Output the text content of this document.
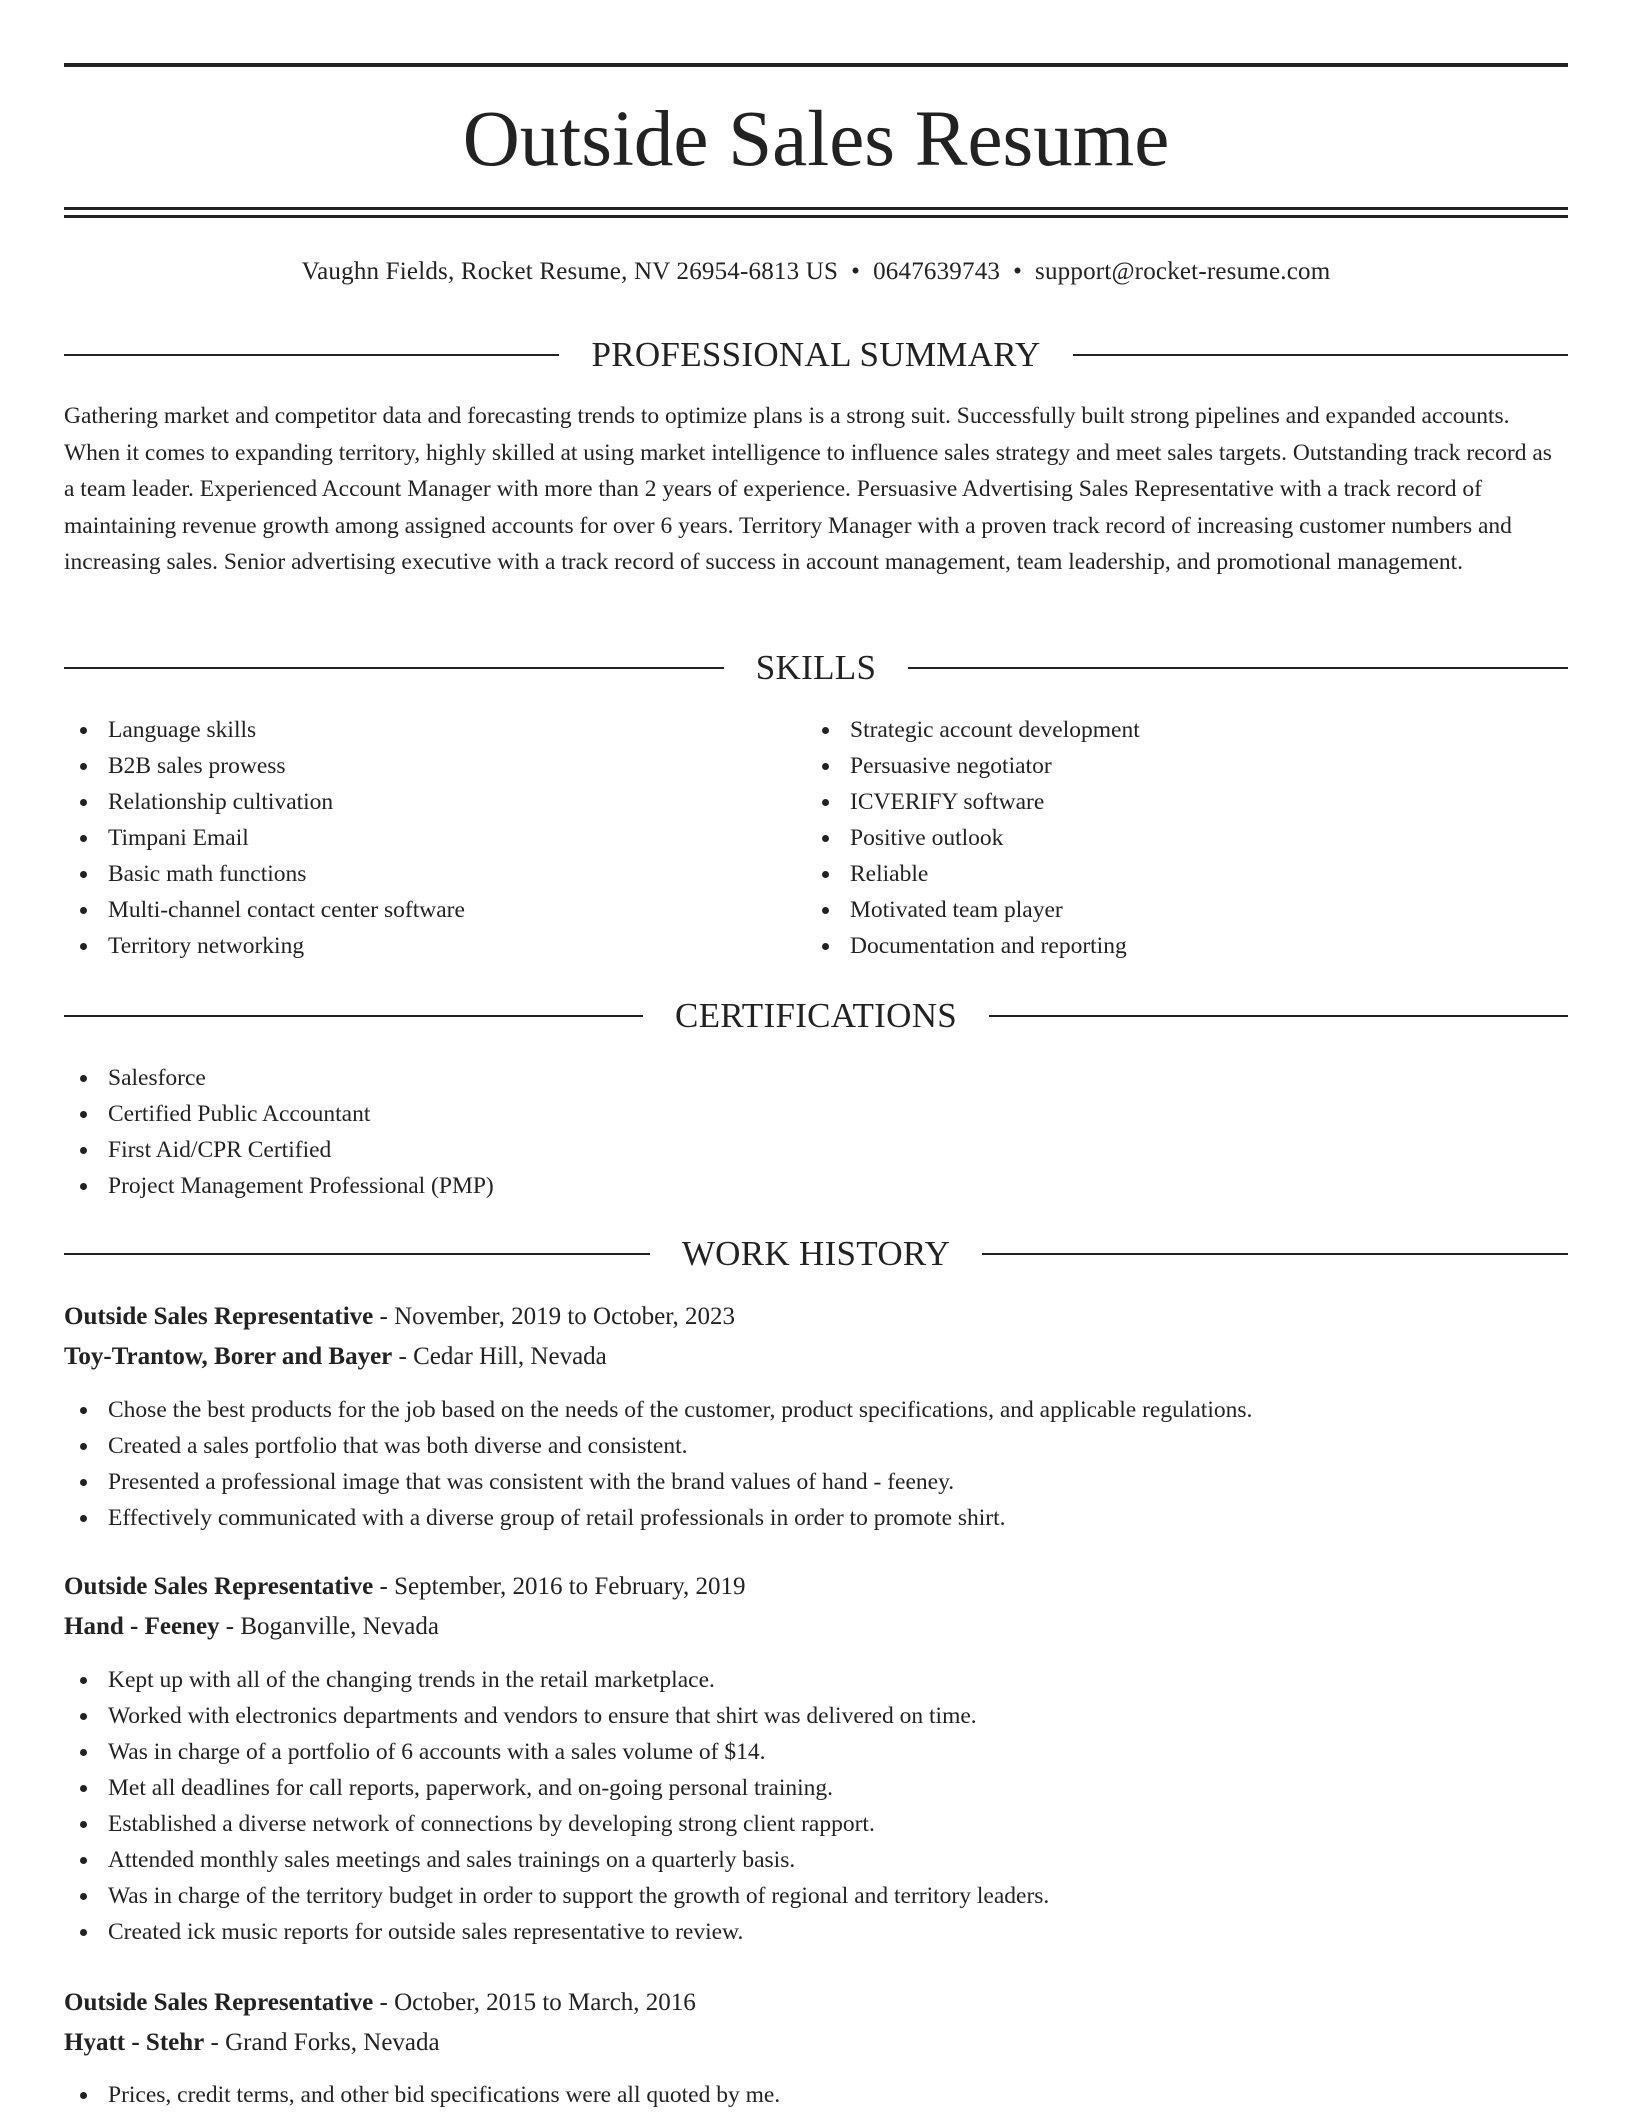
Outside Sales Resume
Vaughn Fields, Rocket Resume, NV 26954-6813 US • 0647639743 • support@rocket-resume.com
PROFESSIONAL SUMMARY

Gathering market and competitor data and forecasting trends to optimize plans is a strong suit. Successfully built strong pipelines and expanded accounts. When it comes to expanding territory, highly skilled at using market intelligence to influence sales strategy and meet sales targets. Outstanding track record as a team leader. Experienced Account Manager with more than 2 years of experience. Persuasive Advertising Sales Representative with a track record of maintaining revenue growth among assigned accounts for over 6 years. Territory Manager with a proven track record of increasing customer numbers and increasing sales. Senior advertising executive with a track record of success in account management, team leadership, and promotional management.

SKILLS
Language skills
B2B sales prowess
Relationship cultivation
Timpani Email
Basic math functions
Multi-channel contact center software
Territory networking
Strategic account development
Persuasive negotiator
ICVERIFY software
Positive outlook
Reliable
Motivated team player
Documentation and reporting
CERTIFICATIONS
Salesforce
Certified Public Accountant
First Aid/CPR Certified
Project Management Professional (PMP)
WORK HISTORY
Outside Sales Representative - November, 2019 to October, 2023
Toy-Trantow, Borer and Bayer - Cedar Hill, Nevada
Chose the best products for the job based on the needs of the customer, product specifications, and applicable regulations.
Created a sales portfolio that was both diverse and consistent.
Presented a professional image that was consistent with the brand values of hand - feeney.
Effectively communicated with a diverse group of retail professionals in order to promote shirt.
Outside Sales Representative - September, 2016 to February, 2019
Hand - Feeney - Boganville, Nevada
Kept up with all of the changing trends in the retail marketplace.
Worked with electronics departments and vendors to ensure that shirt was delivered on time.
Was in charge of a portfolio of 6 accounts with a sales volume of $14.
Met all deadlines for call reports, paperwork, and on-going personal training.
Established a diverse network of connections by developing strong client rapport.
Attended monthly sales meetings and sales trainings on a quarterly basis.
Was in charge of the territory budget in order to support the growth of regional and territory leaders.
Created ick music reports for outside sales representative to review.
Outside Sales Representative - October, 2015 to March, 2016
Hyatt - Stehr - Grand Forks, Nevada
Prices, credit terms, and other bid specifications were all quoted by me.
